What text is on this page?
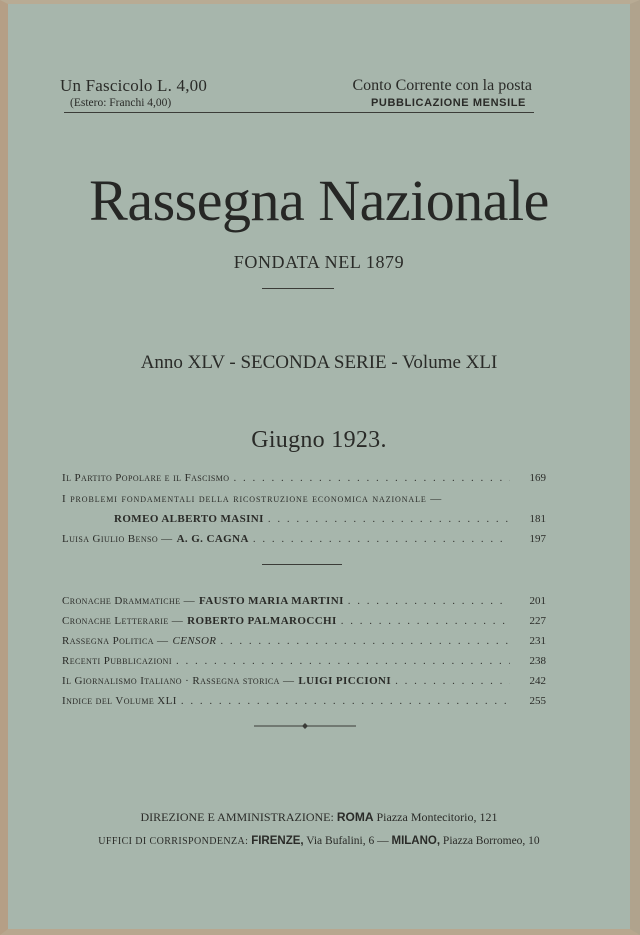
Un Fascicolo L. 4,00
(Estero: Franchi 4,00)
Conto Corrente con la posta
PUBBLICAZIONE MENSILE
Rassegna Nazionale
FONDATA NEL 1879
Anno XLV - SECONDA SERIE - Volume XLI
Giugno 1923.
Il Partito Popolare e il Fascismo . . .	169
I problemi fondamentali della ricostruzione economica nazionale —
ROMEO ALBERTO MASINI . . .	181
Luisa Giulio Benso — A. G. CAGNA . . .	197
Cronache Drammatiche — FAUSTO MARIA MARTINI . . .	201
Cronache Letterarie — ROBERTO PALMAROCCHI . . .	227
Rassegna Politica — CENSOR . . .	231
Recenti Pubblicazioni . . .	238
Il Giornalismo Italiano · Rassegna storica — LUIGI PICCIONI . . .	242
Indice del Volume XLI . . .	255
DIREZIONE E AMMINISTRAZIONE: ROMA Piazza Montecitorio, 121
UFFICI DI CORRISPONDENZA: FIRENZE, Via Bufalini, 6 — MILANO, Piazza Borromeo, 10
